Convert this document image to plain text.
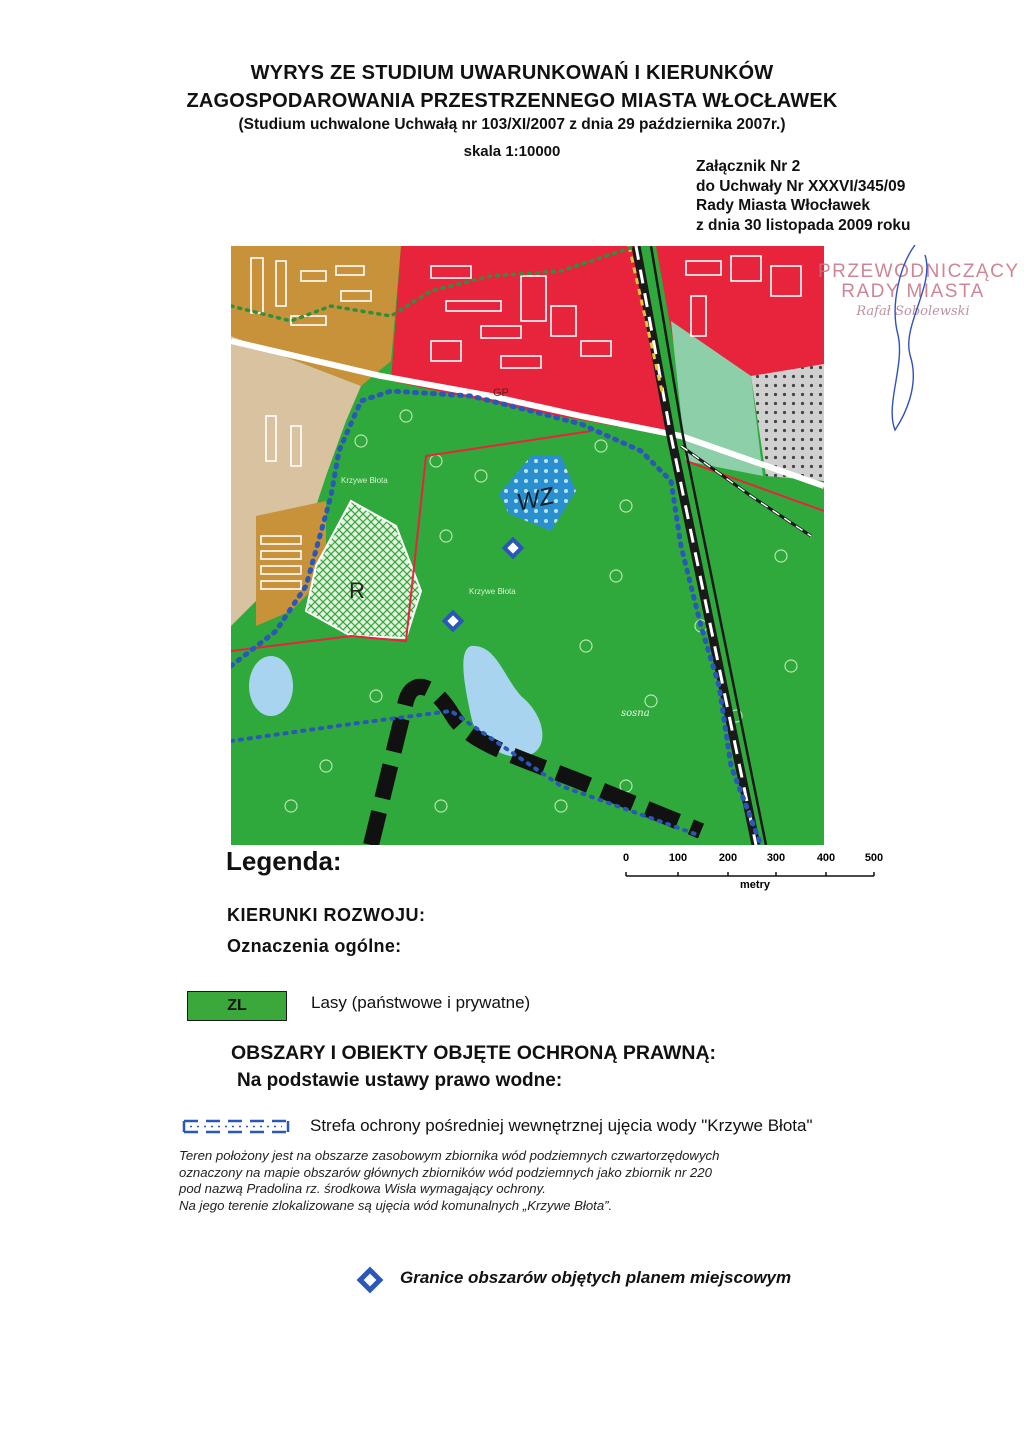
WYRYS ZE STUDIUM UWARUNKOWAŃ I KIERUNKÓW
ZAGOSPODAROWANIA PRZESTRZENNEGO MIASTA WŁOCŁAWEK
(Studium uchwalone Uchwałą nr 103/XI/2007 z dnia 29 października 2007r.)
skala 1:10000
Załącznik Nr 2
do Uchwały Nr XXXVI/345/09
Rady Miasta Włocławek
z dnia 30 listopada 2009 roku
R
WZ
GP
Krzywe Błota
Krzywe Błota
sosna
PRZEWODNICZĄCY
RADY MIASTA
Rafał Sobolewski
Legenda:	0	100	200	300	400	500
metry
KIERUNKI ROZWOJU:
Oznaczenia ogólne:
ZL	Lasy (państwowe i prywatne)
OBSZARY I OBIEKTY OBJĘTE OCHRONĄ PRAWNĄ:
Na podstawie ustawy prawo wodne:
Strefa ochrony pośredniej wewnętrznej ujęcia wody "Krzywe Błota"
Teren położony jest na obszarze zasobowym zbiornika wód podziemnych czwartorzędowych
oznaczony na mapie obszarów głównych zbiorników wód podziemnych jako zbiornik nr 220
pod nazwą Pradolina rz. środkowa Wisła wymagający ochrony.
Na jego terenie zlokalizowane są ujęcia wód komunalnych „Krzywe Błota”.
Granice obszarów objętych planem miejscowym
